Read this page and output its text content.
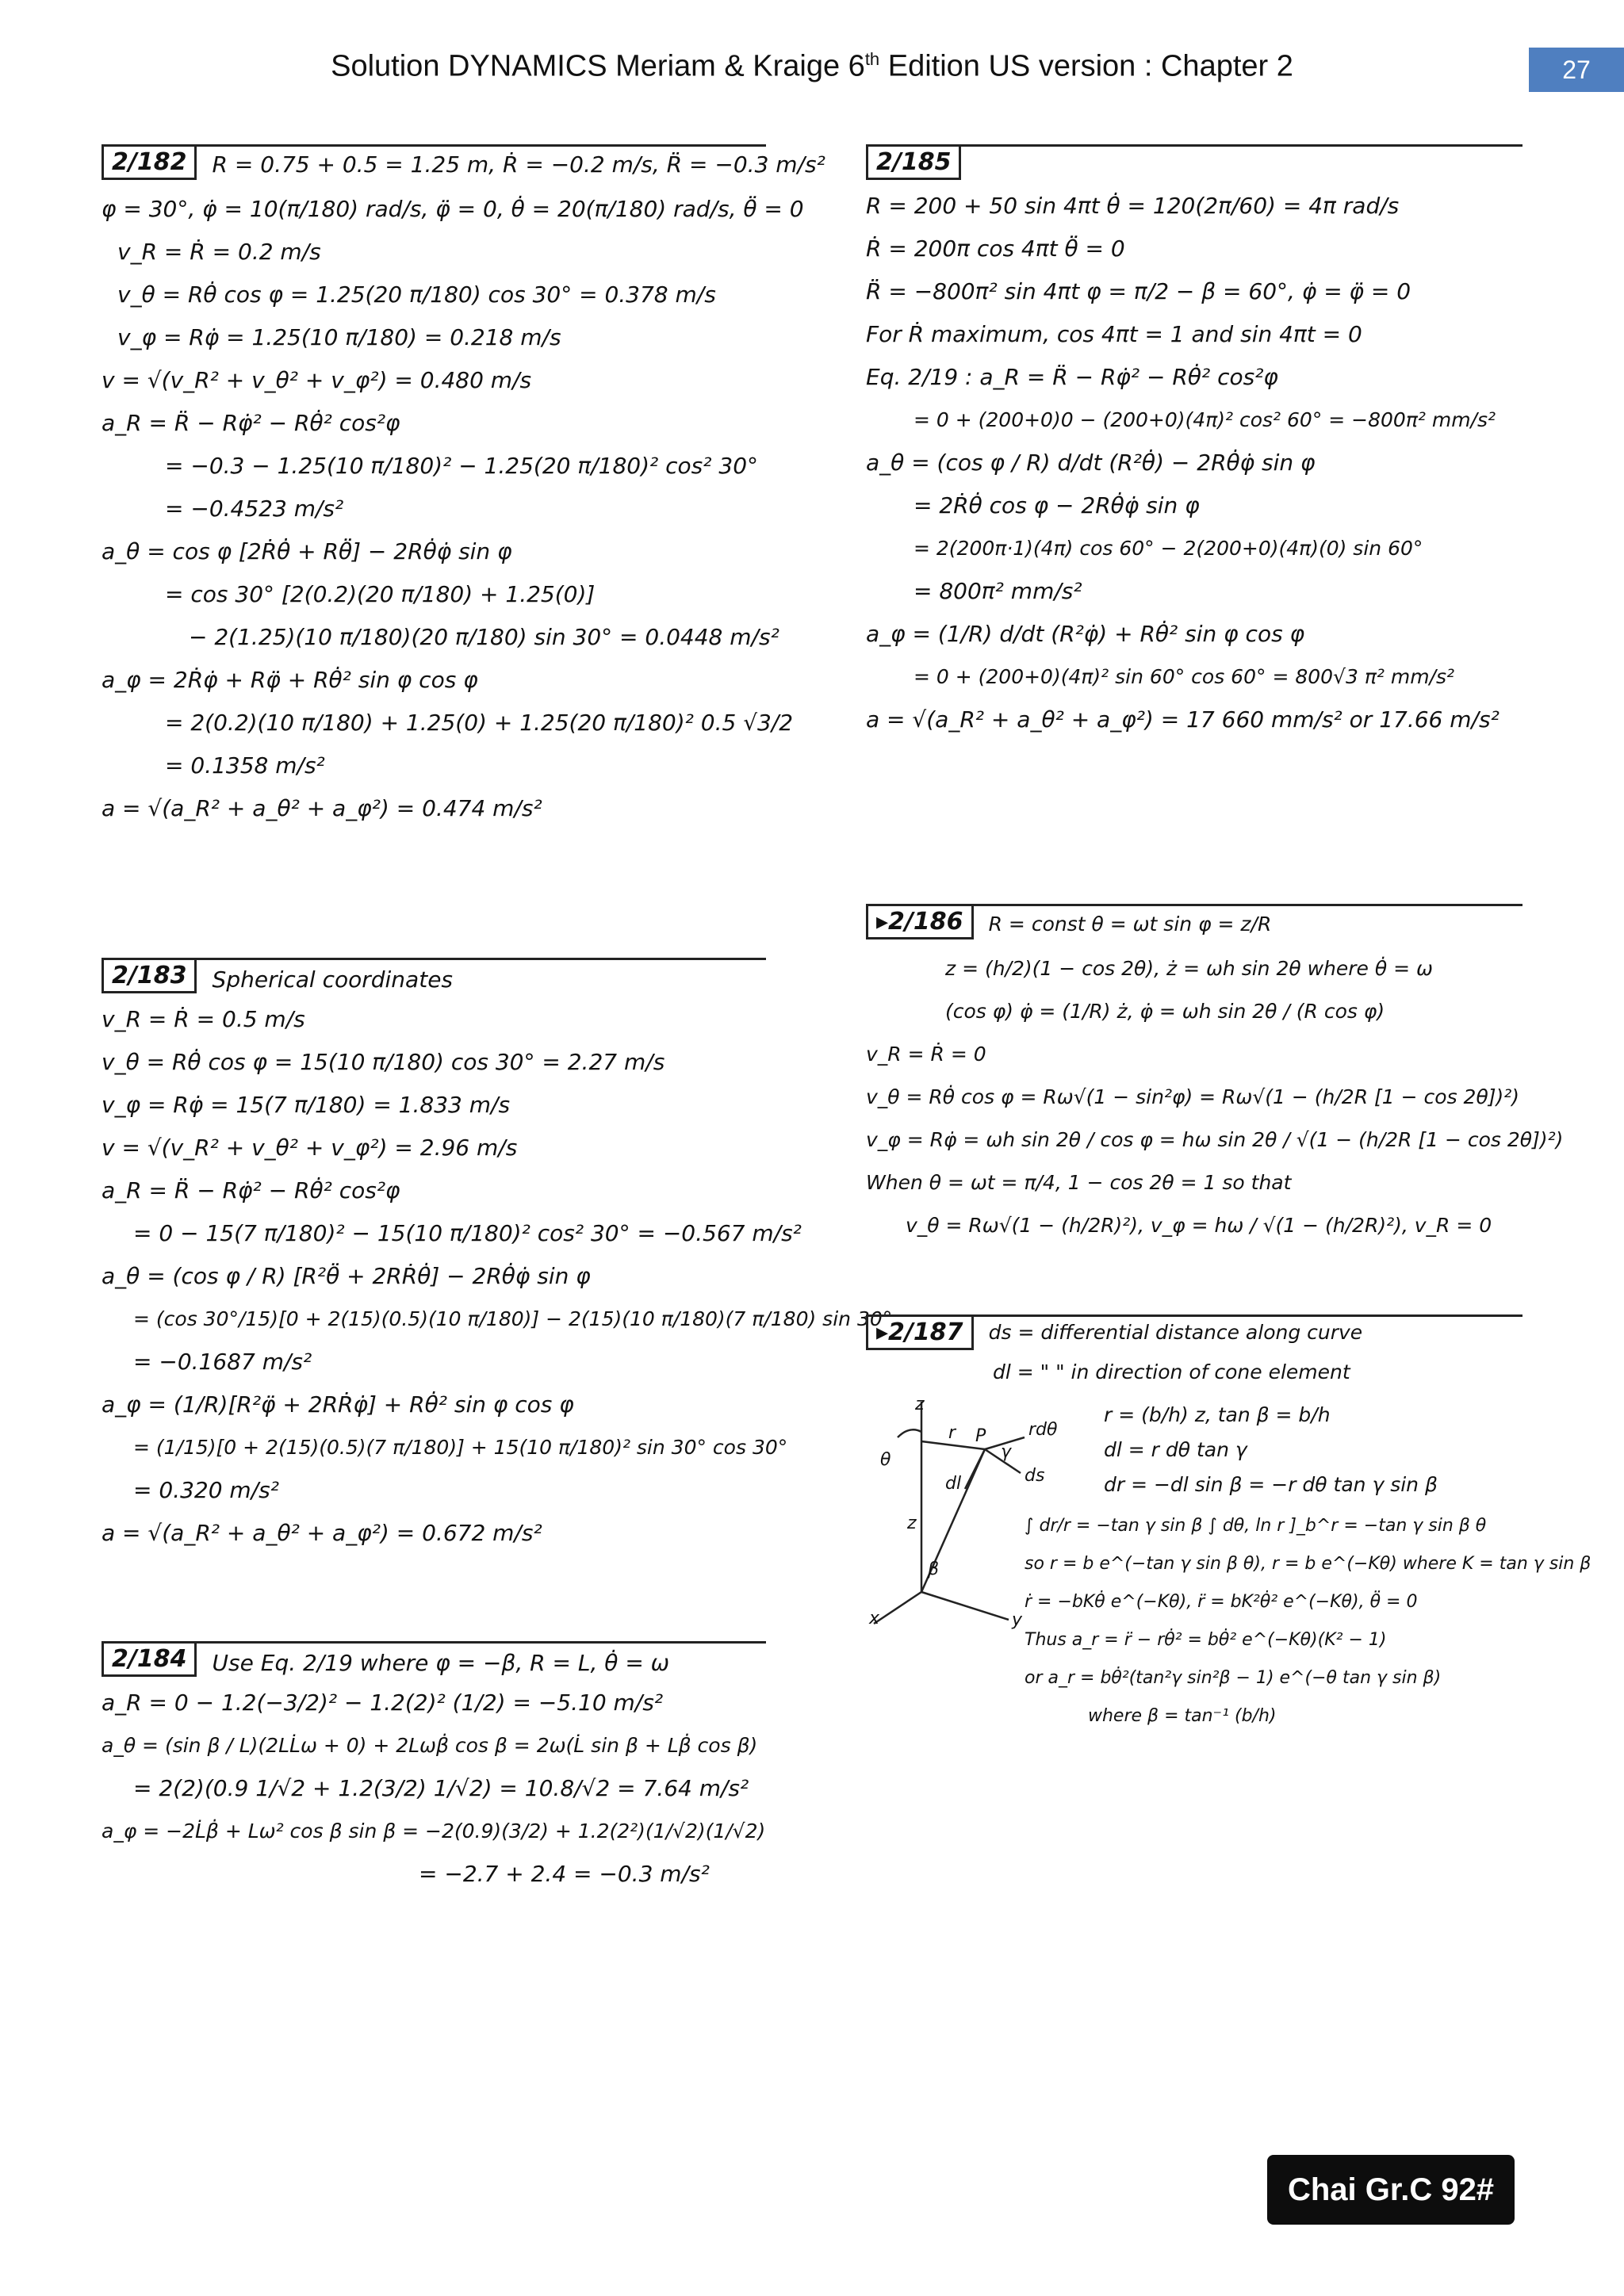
Solution DYNAMICS Meriam & Kraige 6th Edition US version : Chapter 2	27
2/182 R = 0.75 + 0.5 = 1.25 m, Ṙ = −0.2 m/s, R̈ = −0.3 m/s²
φ = 30°, φ̇ = 10(π/180) rad/s, φ̈ = 0, θ̇ = 20(π/180) rad/s, θ̈ = 0
v_R = Ṙ = 0.2 m/s
v_θ = Rθ̇ cos φ = 1.25(20 π/180) cos 30° = 0.378 m/s
v_φ = Rφ̇ = 1.25(10 π/180) = 0.218 m/s
v = √(v_R² + v_θ² + v_φ²) = 0.480 m/s
a_R = R̈ − Rφ̇² − Rθ̇² cos²φ
= −0.3 − 1.25(10 π/180)² − 1.25(20 π/180)² cos² 30°
= −0.4523 m/s²
a_θ = cos φ [2Ṙθ̇ + Rθ̈] − 2Rθ̇φ̇ sin φ
= cos 30° [2(0.2)(20 π/180) + 1.25(0)]
− 2(1.25)(10 π/180)(20 π/180) sin 30° = 0.0448 m/s²
a_φ = 2Ṙφ̇ + Rφ̈ + Rθ̇² sin φ cos φ
= 2(0.2)(10 π/180) + 1.25(0) + 1.25(20 π/180)² 0.5 √3/2
= 0.1358 m/s²
a = √(a_R² + a_θ² + a_φ²) = 0.474 m/s²
2/183 Spherical coordinates
v_R = Ṙ = 0.5 m/s
v_θ = Rθ̇ cos φ = 15(10 π/180) cos 30° = 2.27 m/s
v_φ = Rφ̇ = 15(7 π/180) = 1.833 m/s
v = √(v_R² + v_θ² + v_φ²) = 2.96 m/s
a_R = R̈ − Rφ̇² − Rθ̇² cos²φ
= 0 − 15(7 π/180)² − 15(10 π/180)² cos² 30° = −0.567 m/s²
a_θ = (cos φ / R) [R²θ̈ + 2RṘθ̇] − 2Rθ̇φ̇ sin φ
= (cos 30°/15)[0 + 2(15)(0.5)(10 π/180)] − 2(15)(10 π/180)(7 π/180) sin 30°
= −0.1687 m/s²
a_φ = (1/R)[R²φ̈ + 2RṘφ̇] + Rθ̇² sin φ cos φ
= (1/15)[0 + 2(15)(0.5)(7 π/180)] + 15(10 π/180)² sin 30° cos 30°
= 0.320 m/s²
a = √(a_R² + a_θ² + a_φ²) = 0.672 m/s²
2/184 Use Eq. 2/19 where φ = −β, R = L, θ̇ = ω
a_R = 0 − 1.2(−3/2)² − 1.2(2)² (1/2) = −5.10 m/s²
a_θ = (sin β / L)(2LL̇ω + 0) + 2Lωβ̇ cos β = 2ω(L̇ sin β + Lβ̇ cos β)
= 2(2)(0.9 1/√2 + 1.2(3/2) 1/√2) = 10.8/√2 = 7.64 m/s²
a_φ = −2L̇β̇ + Lω² cos β sin β = −2(0.9)(3/2) + 1.2(2²)(1/√2)(1/√2)
= −2.7 + 2.4 = −0.3 m/s²
2/185
R = 200 + 50 sin 4πt θ̇ = 120(2π/60) = 4π rad/s
Ṙ = 200π cos 4πt θ̈ = 0
R̈ = −800π² sin 4πt φ = π/2 − β = 60°, φ̇ = φ̈ = 0
For Ṙ maximum, cos 4πt = 1 and sin 4πt = 0
Eq. 2/19 : a_R = R̈ − Rφ̇² − Rθ̇² cos²φ
= 0 + (200+0)0 − (200+0)(4π)² cos² 60° = −800π² mm/s²
a_θ = (cos φ / R) d/dt (R²θ̇) − 2Rθ̇φ̇ sin φ
= 2Ṙθ̇ cos φ − 2Rθ̇φ̇ sin φ
= 2(200π·1)(4π) cos 60° − 2(200+0)(4π)(0) sin 60°
= 800π² mm/s²
a_φ = (1/R) d/dt (R²φ̇) + Rθ̇² sin φ cos φ
= 0 + (200+0)(4π)² sin 60° cos 60° = 800√3 π² mm/s²
a = √(a_R² + a_θ² + a_φ²) = 17 660 mm/s² or 17.66 m/s²
▸2/186 R = const θ = ωt sin φ = z/R
z = (h/2)(1 − cos 2θ), ż = ωh sin 2θ where θ̇ = ω
(cos φ) φ̇ = (1/R) ż, φ̇ = ωh sin 2θ / (R cos φ)
v_R = Ṙ = 0
v_θ = Rθ̇ cos φ = Rω√(1 − sin²φ) = Rω√(1 − (h/2R [1 − cos 2θ])²)
v_φ = Rφ̇ = ωh sin 2θ / cos φ = hω sin 2θ / √(1 − (h/2R [1 − cos 2θ])²)
When θ = ωt = π/4, 1 − cos 2θ = 1 so that
v_θ = Rω√(1 − (h/2R)²), v_φ = hω / √(1 − (h/2R)²), v_R = 0
▸2/187 ds = differential distance along curve
dl = " " in direction of cone element
z
θ
r P rdθ
γ
ds
dl
z
β
x	y
r = (b/h) z, tan β = b/h
dl = r dθ tan γ
dr = −dl sin β = −r dθ tan γ sin β
∫ dr/r = −tan γ sin β ∫ dθ, ln r ]_b^r = −tan γ sin β θ
so r = b e^(−tan γ sin β θ), r = b e^(−Kθ) where K = tan γ sin β
ṙ = −bKθ̇ e^(−Kθ), r̈ = bK²θ̇² e^(−Kθ), θ̈ = 0
Thus a_r = r̈ − rθ̇² = bθ̇² e^(−Kθ)(K² − 1)
or a_r = bθ̇²(tan²γ sin²β − 1) e^(−θ tan γ sin β)
where β = tan⁻¹ (b/h)
Chai Gr.C 92#
